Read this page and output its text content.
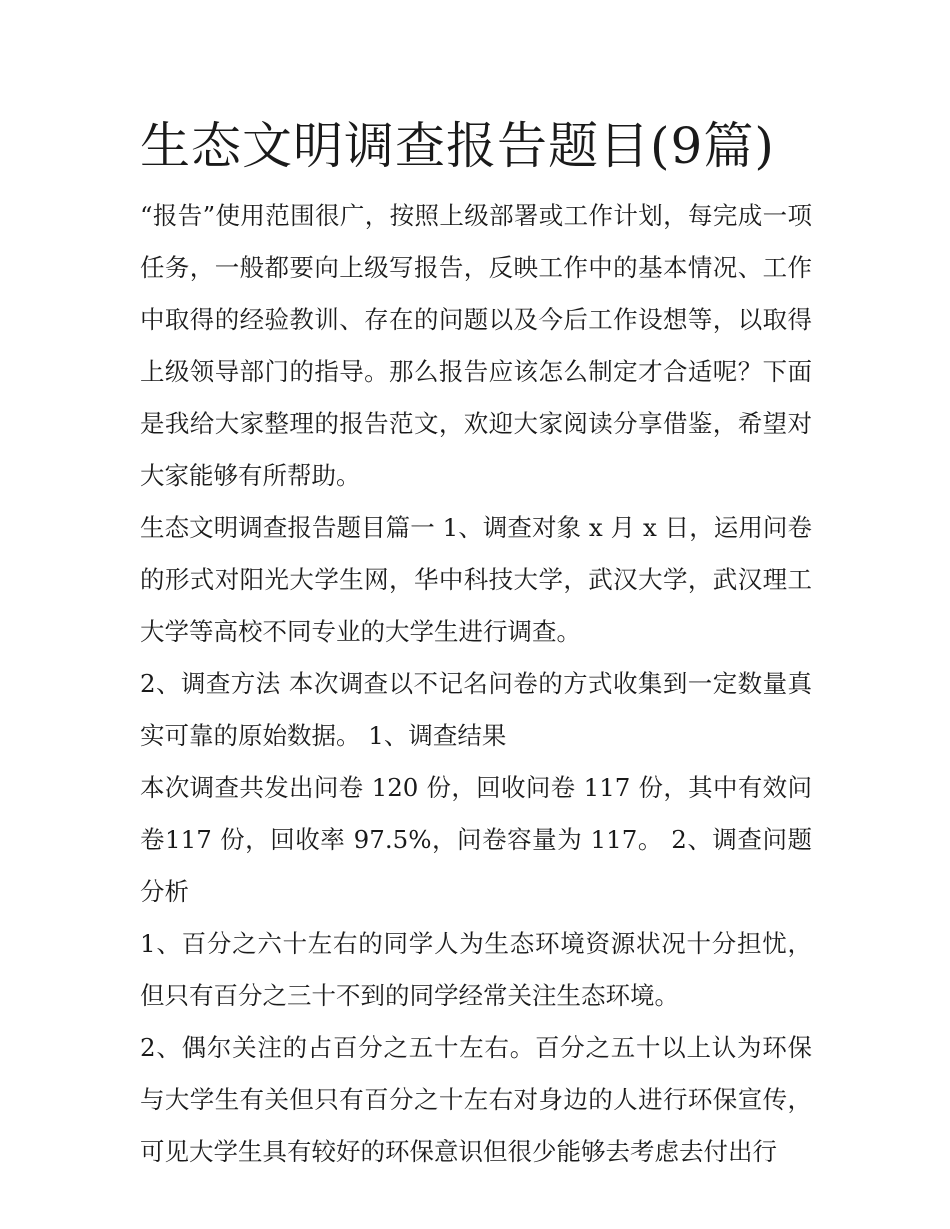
生态文明调查报告题目(9篇)

“报告”使用范围很广，按照上级部署或工作计划，每完成一项任务，一般都要向上级写报告，反映工作中的基本情况、工作中取得的经验教训、存在的问题以及今后工作设想等，以取得上级领导部门的指导。那么报告应该怎么制定才合适呢？下面是我给大家整理的报告范文，欢迎大家阅读分享借鉴，希望对大家能够有所帮助。

生态文明调查报告题目篇一 1、调查对象 x 月 x 日，运用问卷的形式对阳光大学生网，华中科技大学，武汉大学，武汉理工大学等高校不同专业的大学生进行调查。

2、调查方法 本次调查以不记名问卷的方式收集到一定数量真实可靠的原始数据。 1、调查结果

本次调查共发出问卷 120 份，回收问卷 117 份，其中有效问卷117 份，回收率 97.5%，问卷容量为 117。 2、调查问题分析

1、百分之六十左右的同学人为生态环境资源状况十分担忧，但只有百分之三十不到的同学经常关注生态环境。

2、偶尔关注的占百分之五十左右。百分之五十以上认为环保与大学生有关但只有百分之十左右对身边的人进行环保宣传，可见大学生具有较好的环保意识但很少能够去考虑去付出行
